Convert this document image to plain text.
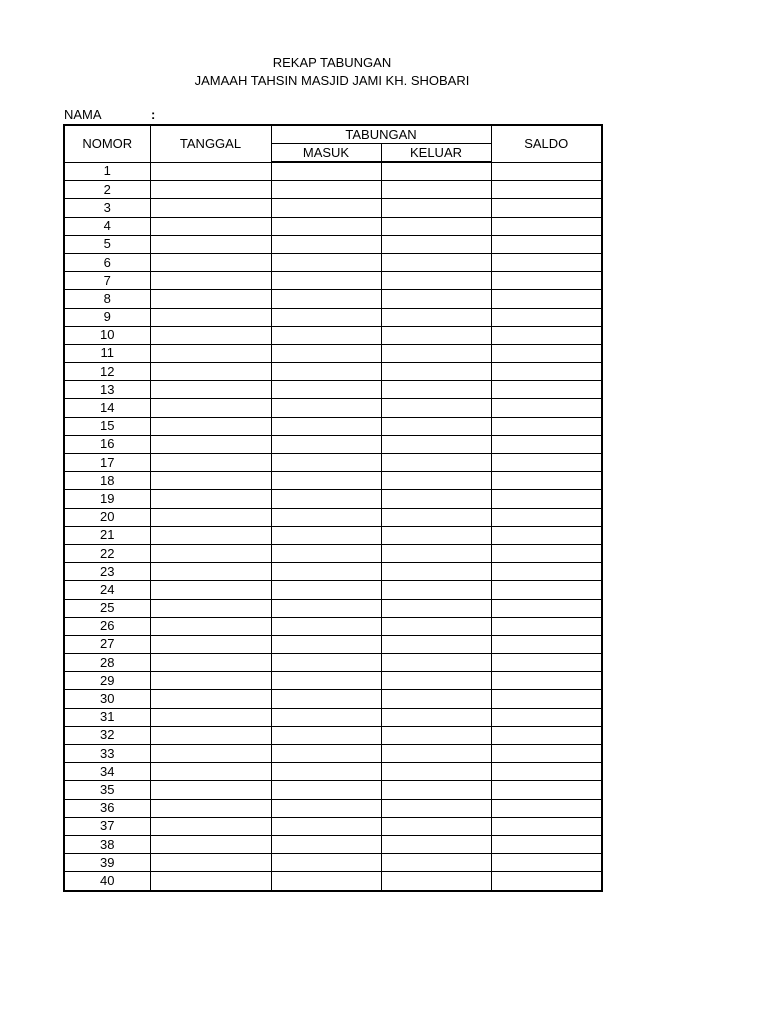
REKAP TABUNGAN
JAMAAH TAHSIN MASJID JAMI KH. SHOBARI
NAMA	:
NOMOR	TANGGAL	TABUNGAN		SALDO
		MASUK	KELUAR	
1				
2				
3				
4				
5				
6				
7				
8				
9				
10				
11				
12				
13				
14				
15				
16				
17				
18				
19				
20				
21				
22				
23				
24				
25				
26				
27				
28				
29				
30				
31				
32				
33				
34				
35				
36				
37				
38				
39				
40				
